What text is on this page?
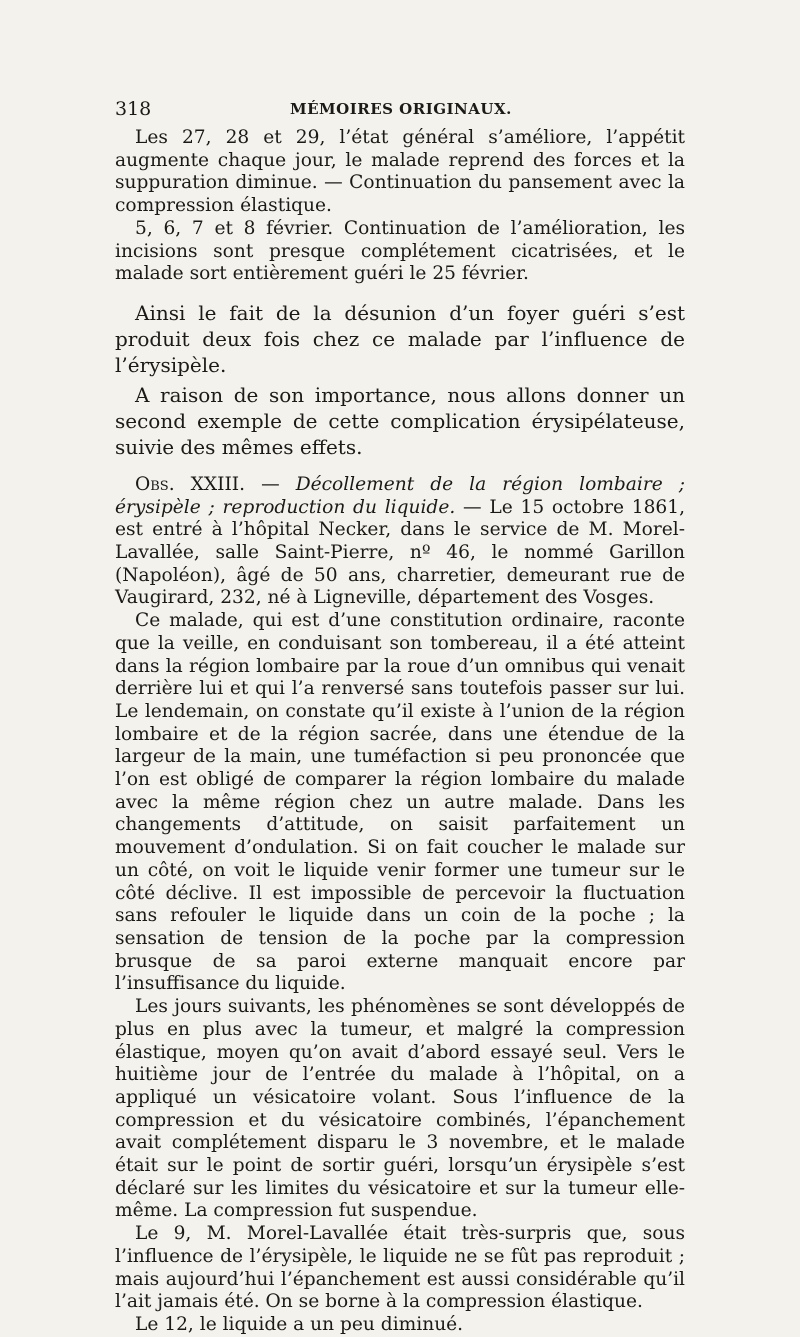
318	MÉMOIRES ORIGINAUX.

Les 27, 28 et 29, l’état général s’améliore, l’appétit augmente chaque jour, le malade reprend des forces et la suppuration diminue. — Continuation du pansement avec la compression élastique.

5, 6, 7 et 8 février. Continuation de l’amélioration, les incisions sont presque complétement cicatrisées, et le malade sort entièrement guéri le 25 février.

Ainsi le fait de la désunion d’un foyer guéri s’est produit deux fois chez ce malade par l’influence de l’érysipèle.

A raison de son importance, nous allons donner un second exemple de cette complication érysipélateuse, suivie des mêmes effets.

Obs. XXIII. — Décollement de la région lombaire ; érysipèle ; reproduction du liquide. — Le 15 octobre 1861, est entré à l’hôpital Necker, dans le service de M. Morel-Lavallée, salle Saint-Pierre, nº 46, le nommé Garillon (Napoléon), âgé de 50 ans, charretier, demeurant rue de Vaugirard, 232, né à Ligneville, département des Vosges.

Ce malade, qui est d’une constitution ordinaire, raconte que la veille, en conduisant son tombereau, il a été atteint dans la région lombaire par la roue d’un omnibus qui venait derrière lui et qui l’a renversé sans toutefois passer sur lui. Le lendemain, on constate qu’il existe à l’union de la région lombaire et de la région sacrée, dans une étendue de la largeur de la main, une tuméfaction si peu prononcée que l’on est obligé de comparer la région lombaire du malade avec la même région chez un autre malade. Dans les changements d’attitude, on saisit parfaitement un mouvement d’ondulation. Si on fait coucher le malade sur un côté, on voit le liquide venir former une tumeur sur le côté déclive. Il est impossible de percevoir la fluctuation sans refouler le liquide dans un coin de la poche ; la sensation de tension de la poche par la compression brusque de sa paroi externe manquait encore par l’insuffisance du liquide.

Les jours suivants, les phénomènes se sont développés de plus en plus avec la tumeur, et malgré la compression élastique, moyen qu’on avait d’abord essayé seul. Vers le huitième jour de l’entrée du malade à l’hôpital, on a appliqué un vésicatoire volant. Sous l’influence de la compression et du vésicatoire combinés, l’épanchement avait complétement disparu le 3 novembre, et le malade était sur le point de sortir guéri, lorsqu’un érysipèle s’est déclaré sur les limites du vésicatoire et sur la tumeur elle-même. La compression fut suspendue.

Le 9, M. Morel-Lavallée était très-surpris que, sous l’influence de l’érysipèle, le liquide ne se fût pas reproduit ; mais aujourd’hui l’épanchement est aussi considérable qu’il l’ait jamais été. On se borne à la compression élastique.

Le 12, le liquide a un peu diminué.
